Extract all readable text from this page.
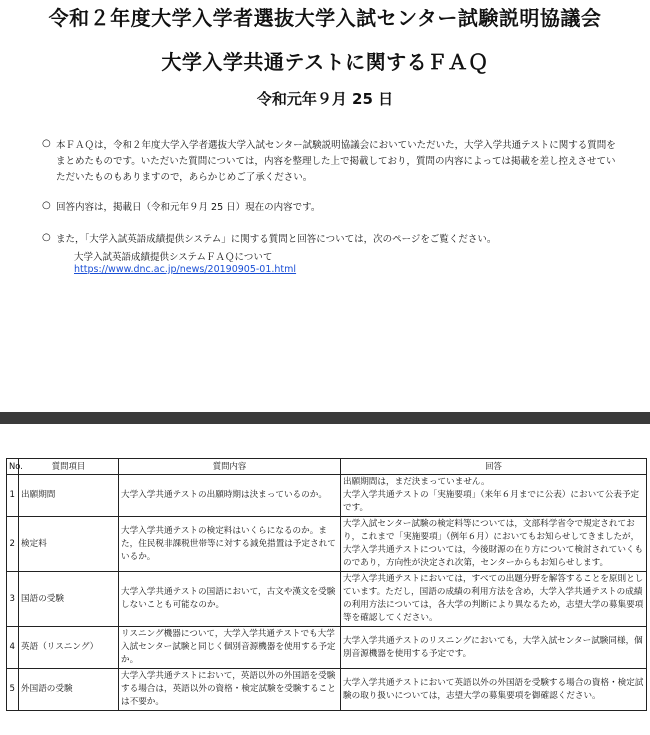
令和２年度大学入学者選抜大学入試センター試験説明協議会
大学入学共通テストに関するＦＡＱ
令和元年９月 25 日
○ 本ＦＡＱは，令和２年度大学入学者選抜大学入試センター試験説明協議会においていただいた，大学入学共通テストに関する質問をまとめたものです。いただいた質問については，内容を整理した上で掲載しており，質問の内容によっては掲載を差し控えさせていただいたものもありますので，あらかじめご了承ください。
○ 回答内容は，掲載日（令和元年９月 25 日）現在の内容です。
○ また，「大学入試英語成績提供システム」に関する質問と回答については，次のページをご覧ください。
大学入試英語成績提供システムＦＡＱについて
https://www.dnc.ac.jp/news/20190905-01.html
No.	質問項目	質問内容	回答
1	出願期間	大学入学共通テストの出願時期は決まっているのか。	出願期間は，まだ決まっていません。
大学入学共通テストの「実施要項」（来年６月までに公表）において公表予定です。
2	検定料	大学入学共通テストの検定料はいくらになるのか。また，住民税非課税世帯等に対する減免措置は予定されているか。	大学入試センター試験の検定料等については，文部科学省令で規定されており，これまで「実施要項」（例年６月）においてもお知らせしてきましたが，大学入学共通テストについては，今後財源の在り方について検討されていくものであり，方向性が決定され次第，センターからもお知らせします。
3	国語の受験	大学入学共通テストの国語において，古文や漢文を受験しないことも可能なのか。	大学入学共通テストにおいては，すべての出題分野を解答することを原則としています。ただし，国語の成績の利用方法を含め，大学入学共通テストの成績の利用方法については，各大学の判断により異なるため，志望大学の募集要項等を確認してください。
4	英語（リスニング）	リスニング機器について，大学入学共通テストでも大学入試センター試験と同じく個別音源機器を使用する予定か。	大学入学共通テストのリスニングにおいても，大学入試センター試験同様，個別音源機器を使用する予定です。
5	外国語の受験	大学入学共通テストにおいて，英語以外の外国語を受験する場合は，英語以外の資格・検定試験を受験することは不要か。	大学入学共通テストにおいて英語以外の外国語を受験する場合の資格・検定試験の取り扱いについては，志望大学の募集要項を御確認ください。
